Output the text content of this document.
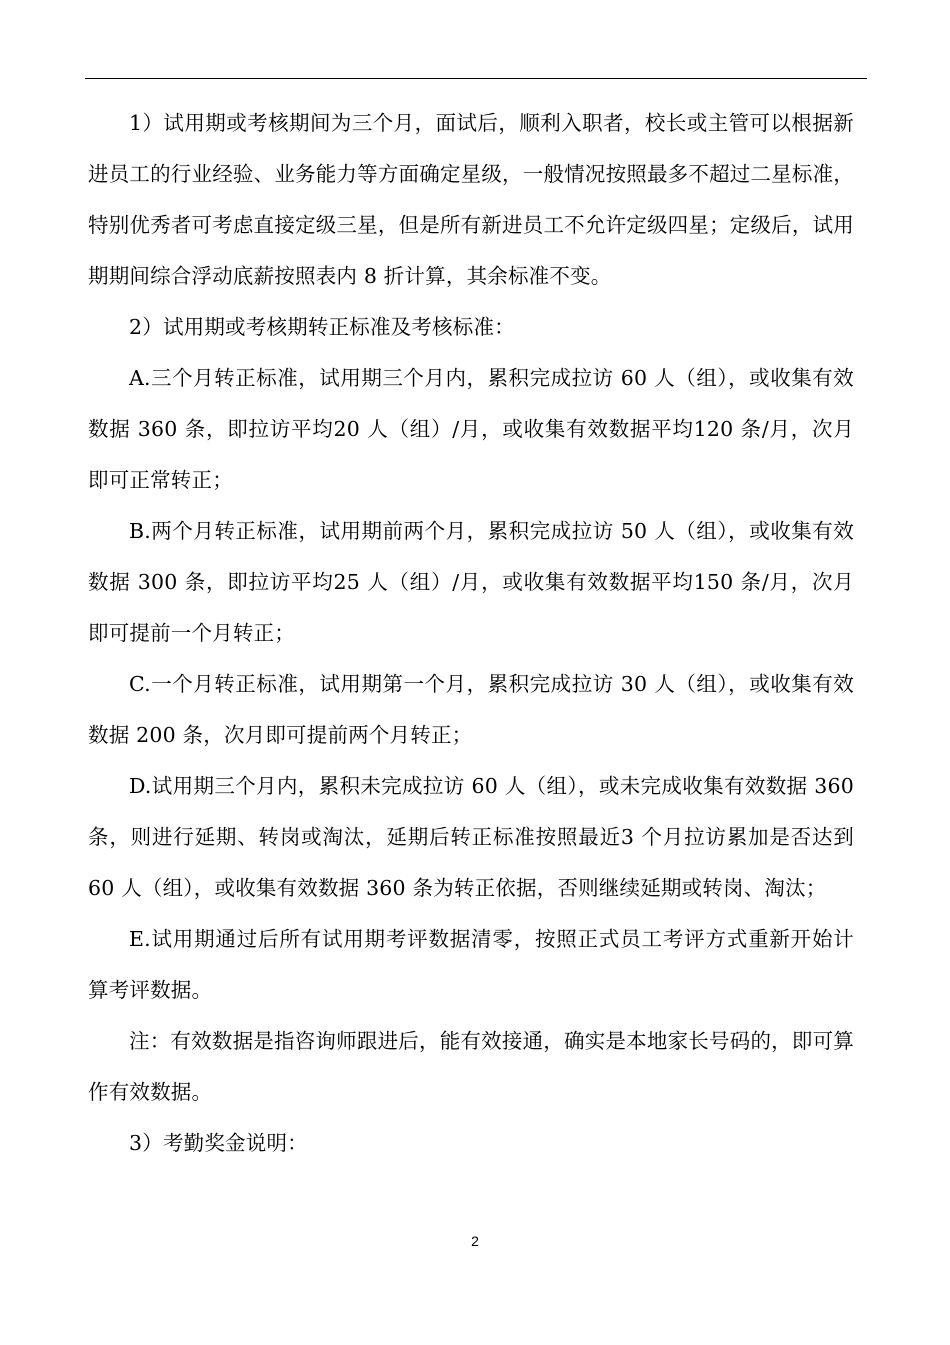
1）试用期或考核期间为三个月，面试后，顺利入职者，校长或主管可以根据新进员工的行业经验、业务能力等方面确定星级，一般情况按照最多不超过二星标准，特别优秀者可考虑直接定级三星，但是所有新进员工不允许定级四星；定级后，试用期期间综合浮动底薪按照表内 8 折计算，其余标准不变。

2）试用期或考核期转正标准及考核标准：

A.三个月转正标准，试用期三个月内，累积完成拉访 60 人（组），或收集有效数据 360 条，即拉访平均20 人（组）/月，或收集有效数据平均120 条/月，次月即可正常转正；

B.两个月转正标准，试用期前两个月，累积完成拉访 50 人（组），或收集有效数据 300 条，即拉访平均25 人（组）/月，或收集有效数据平均150 条/月，次月即可提前一个月转正；

C.一个月转正标准，试用期第一个月，累积完成拉访 30 人（组），或收集有效数据 200 条，次月即可提前两个月转正；

D.试用期三个月内，累积未完成拉访 60 人（组），或未完成收集有效数据 360 条，则进行延期、转岗或淘汰，延期后转正标准按照最近3 个月拉访累加是否达到 60 人（组），或收集有效数据 360 条为转正依据，否则继续延期或转岗、淘汰；

E.试用期通过后所有试用期考评数据清零，按照正式员工考评方式重新开始计算考评数据。

注：有效数据是指咨询师跟进后，能有效接通，确实是本地家长号码的，即可算作有效数据。

3）考勤奖金说明：

2
